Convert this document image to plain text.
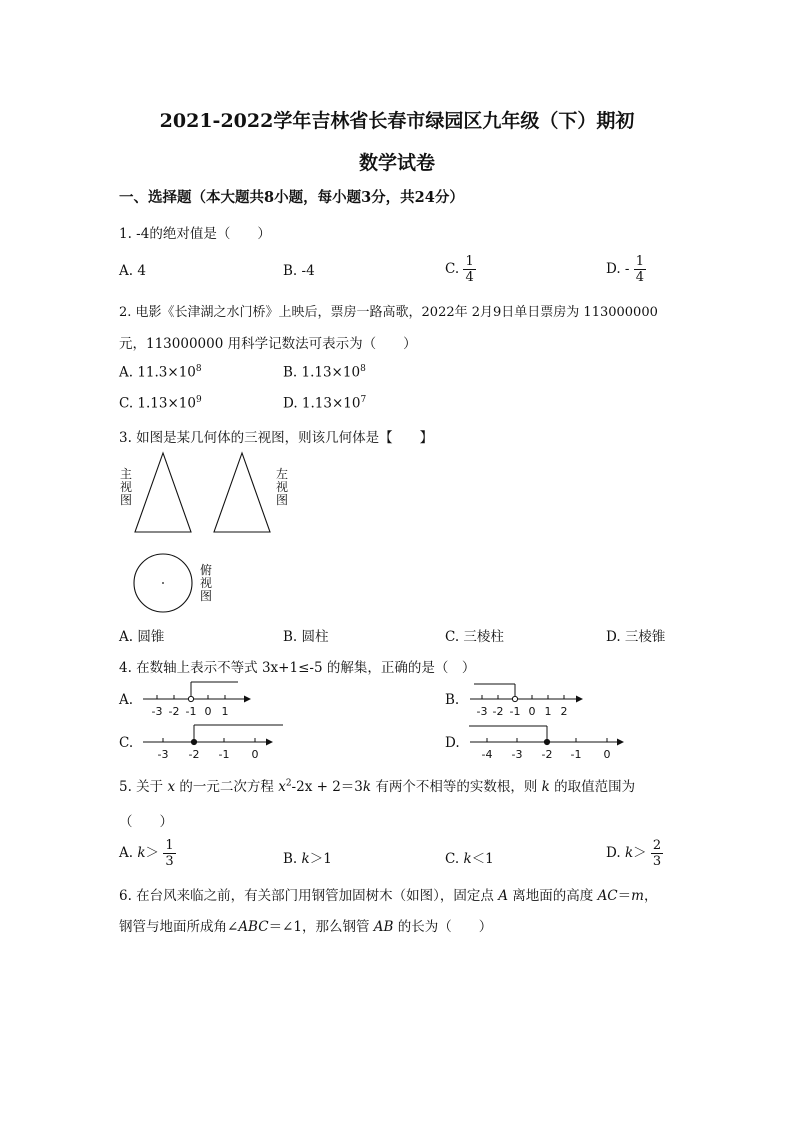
2021-2022学年吉林省长春市绿园区九年级（下）期初
数学试卷
一、选择题（本大题共8小题，每小题3分，共24分）
1. -4的绝对值是（　　）
A. 4	B. -4	C. $\frac{1}{4}$	D. - $\frac{1}{4}$
2. 电影《长津湖之水门桥》上映后，票房一路高歌，2022年 2月9日单日票房为 113000000
元，113000000 用科学记数法可表示为（　　）
A. $11.3\times 10^8$	B. $1.13\times 10^8$
C. $1.13\times 10^9$	D. $1.13\times 10^7$
3. 如图是某几何体的三视图，则该几何体是【　　】
主视图
左视图
俯视图
A. 圆锥	B. 圆柱	C. 三棱柱	D. 三棱锥
4. 在数轴上表示不等式 3x+1≤-5 的解集，正确的是（　）
A.	B.
C.	D.
-3 -2 -1 0 1	-3 -2 -1 0 1 2
-3 -2 -1 0	-4 -3 -2 -1 0
5. 关于 x 的一元二次方程 $x^2-2x + 2=3k$ 有两个不相等的实数根，则 k 的取值范围为
（　　）
A. $k> \frac{1}{3}$	B. k＞1	C. k＜1	D. $k> \frac{2}{3}$
6. 在台风来临之前，有关部门用钢管加固树木（如图），固定点 A 离地面的高度 AC＝m，
钢管与地面所成角∠ABC＝∠1，那么钢管 AB 的长为（　　）
